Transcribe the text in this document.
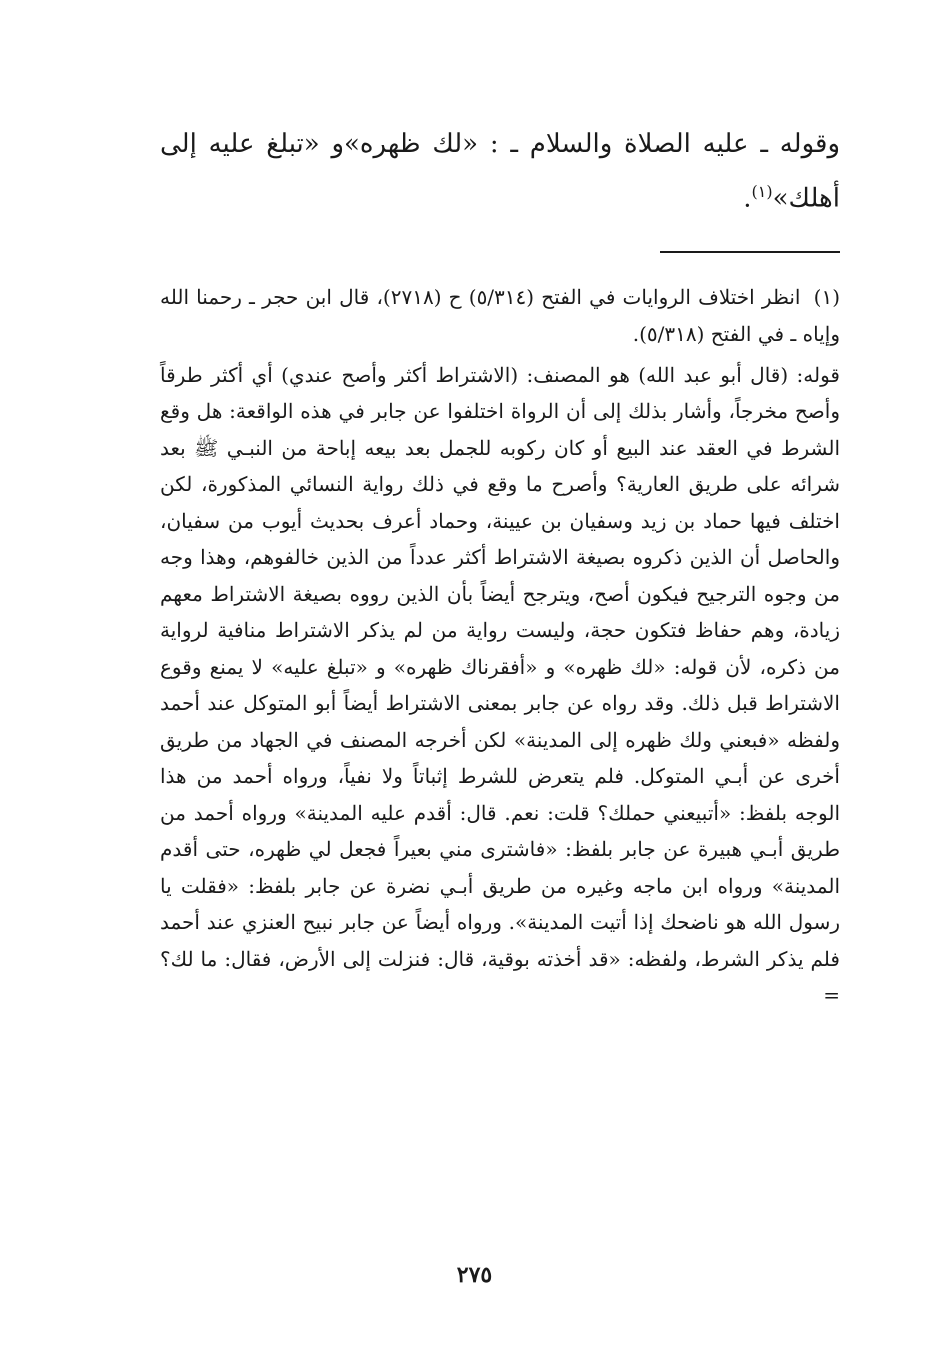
وقوله ـ عليه الصلاة والسلام ـ : «لك ظهره»و «تبلغ عليه إلى أهلك»$^{(١)}$.

(١) انظر اختلاف الروايات في الفتح (٥/٣١٤) ح (٢٧١٨)، قال ابن حجر ـ رحمنا الله وإياه ـ في الفتح (٥/٣١٨).

قوله: (قال أبو عبد الله) هو المصنف: (الاشتراط أكثر وأصح عندي) أي أكثر طرقاً وأصح مخرجاً، وأشار بذلك إلى أن الرواة اختلفوا عن جابر في هذه الواقعة: هل وقع الشرط في العقد عند البيع أو كان ركوبه للجمل بعد بيعه إباحة من النبـي ﷺ بعد شرائه على طريق العارية؟ وأصرح ما وقع في ذلك رواية النسائي المذكورة، لكن اختلف فيها حماد بن زيد وسفيان بن عيينة، وحماد أعرف بحديث أيوب من سفيان، والحاصل أن الذين ذكروه بصيغة الاشتراط أكثر عدداً من الذين خالفوهم، وهذا وجه من وجوه الترجيح فيكون أصح، ويترجح أيضاً بأن الذين رووه بصيغة الاشتراط معهم زيادة، وهم حفاظ فتكون حجة، وليست رواية من لم يذكر الاشتراط منافية لرواية من ذكره، لأن قوله: «لك ظهره» و «أفقرناك ظهره» و «تبلغ عليه» لا يمنع وقوع الاشتراط قبل ذلك. وقد رواه عن جابر بمعنى الاشتراط أيضاً أبو المتوكل عند أحمد ولفظه «فبعني ولك ظهره إلى المدينة» لكن أخرجه المصنف في الجهاد من طريق أخرى عن أبـي المتوكل. فلم يتعرض للشرط إثباتاً ولا نفياً، ورواه أحمد من هذا الوجه بلفظ: «أتبيعني حملك؟ قلت: نعم. قال: أقدم عليه المدينة» ورواه أحمد من طريق أبـي هبيرة عن جابر بلفظ: «فاشترى مني بعيراً فجعل لي ظهره، حتى أقدم المدينة» ورواه ابن ماجه وغيره من طريق أبـي نضرة عن جابر بلفظ: «فقلت يا رسول الله هو ناضحك إذا أتيت المدينة». ورواه أيضاً عن جابر نبيح العنزي عند أحمد فلم يذكر الشرط، ولفظه: «قد أخذته بوقية، قال: فنزلت إلى الأرض، فقال: ما لك؟ =

٢٧٥
